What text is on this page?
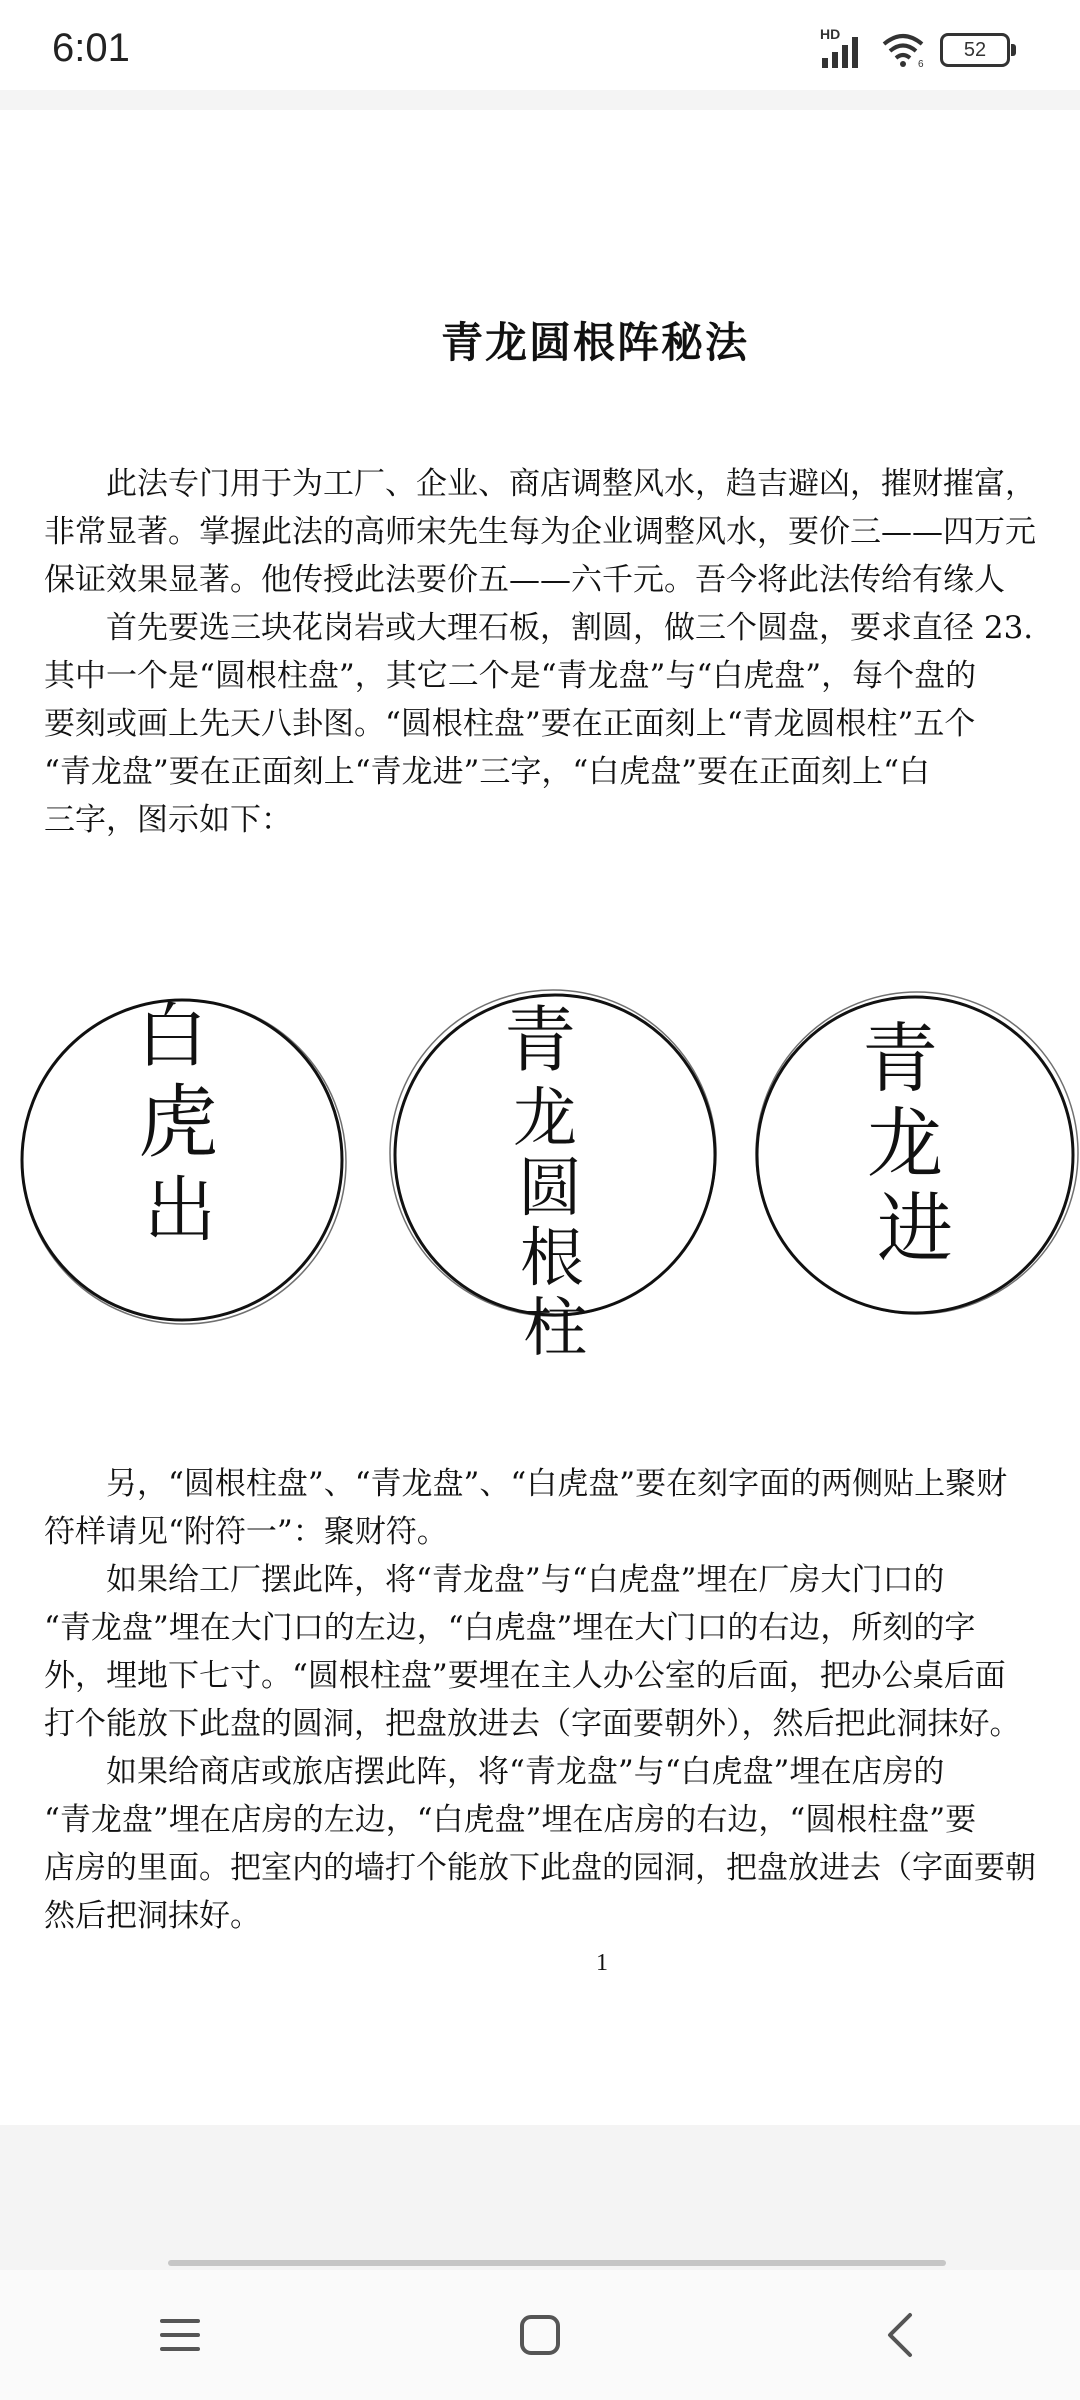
6:01	HD
6
52
青龙圆根阵秘法
此法专门用于为工厂、企业、商店调整风水，趋吉避凶，摧财摧富，
非常显著。掌握此法的高师宋先生每为企业调整风水，要价三——四万元
保证效果显著。他传授此法要价五——六千元。吾今将此法传给有缘人
首先要选三块花岗岩或大理石板，割圆，做三个圆盘，要求直径 23.
其中一个是“圆根柱盘”，其它二个是“青龙盘”与“白虎盘”，每个盘的
要刻或画上先天八卦图。“圆根柱盘”要在正面刻上“青龙圆根柱”五个
“青龙盘”要在正面刻上“青龙进”三字，“白虎盘”要在正面刻上“白
三字，图示如下：
白
虎
出
青
龙
圆
根
柱
青
龙
进
另，“圆根柱盘”、“青龙盘”、“白虎盘”要在刻字面的两侧贴上聚财
符样请见“附符一”：聚财符。
如果给工厂摆此阵，将“青龙盘”与“白虎盘”埋在厂房大门口的
“青龙盘”埋在大门口的左边，“白虎盘”埋在大门口的右边，所刻的字
外，埋地下七寸。“圆根柱盘”要埋在主人办公室的后面，把办公桌后面
打个能放下此盘的圆洞，把盘放进去（字面要朝外），然后把此洞抹好。
如果给商店或旅店摆此阵，将“青龙盘”与“白虎盘”埋在店房的
“青龙盘”埋在店房的左边，“白虎盘”埋在店房的右边，“圆根柱盘”要
店房的里面。把室内的墙打个能放下此盘的园洞，把盘放进去（字面要朝
然后把洞抹好。
1
